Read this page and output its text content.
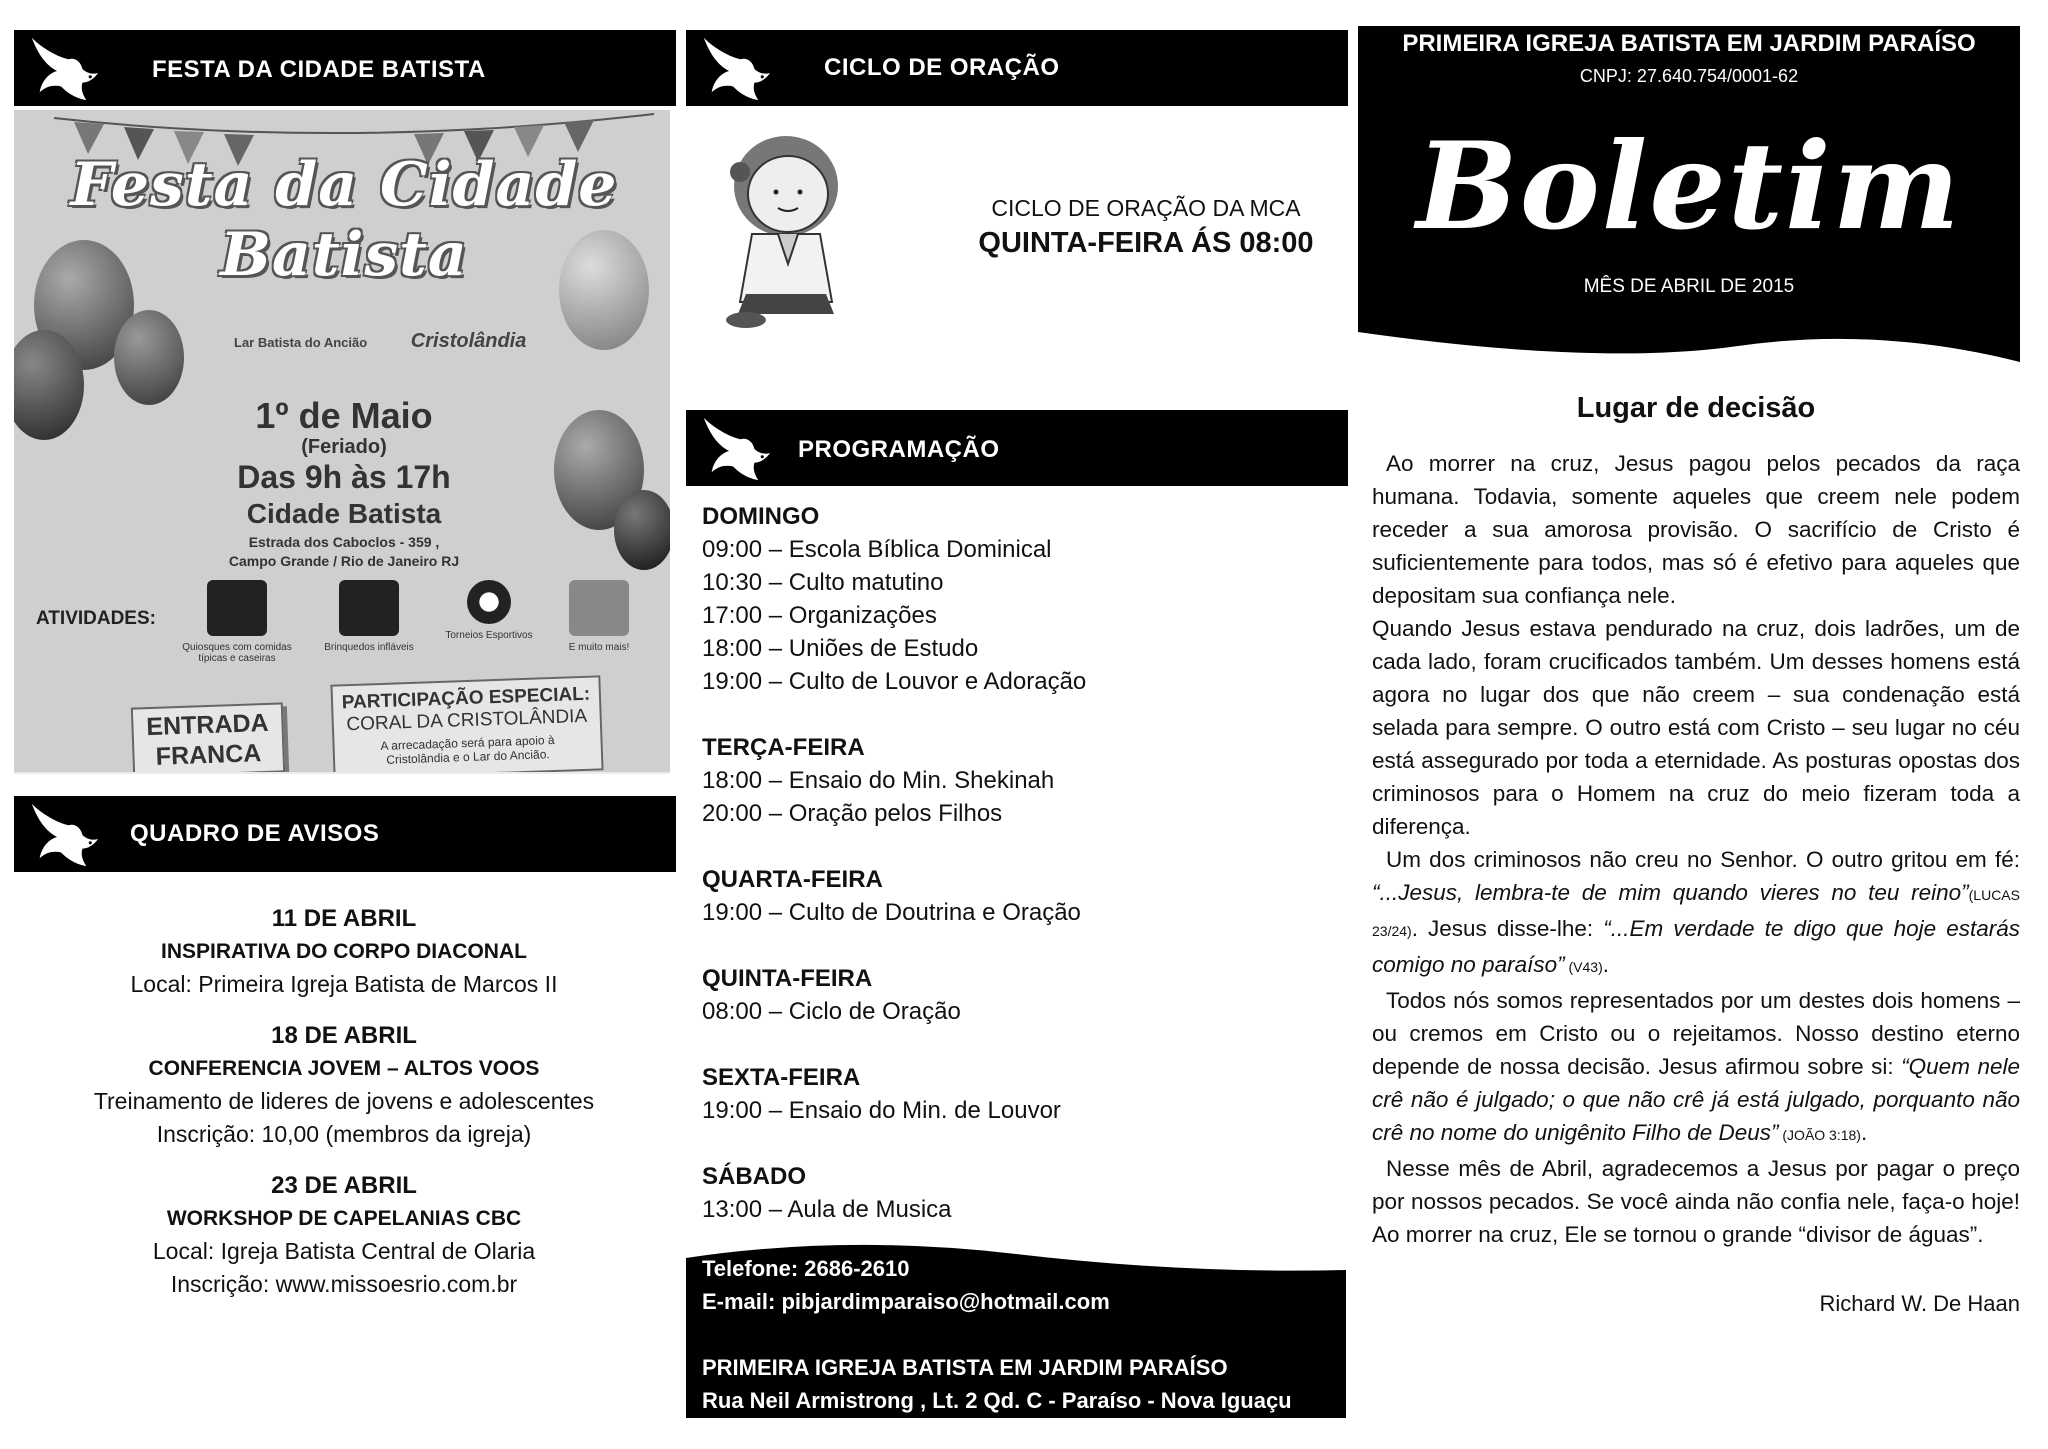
FESTA DA CIDADE BATISTA
Festa da Cidade Batista
Lar Batista do Ancião Cristolândia
1º de Maio
(Feriado)
Das 9h às 17h
Cidade Batista
Estrada dos Caboclos - 359 ,
Campo Grande / Rio de Janeiro RJ
ATIVIDADES:
Quiosques com comidas típicas e caseiras
Brinquedos infláveis
Torneios Esportivos
E muito mais!
ENTRADA FRANCA
PARTICIPAÇÃO ESPECIAL:
CORAL DA CRISTOLÂNDIA
A arrecadação será para apoio à Cristolândia e o Lar do Ancião.
QUADRO DE AVISOS
11 DE ABRIL
INSPIRATIVA DO CORPO DIACONAL
Local: Primeira Igreja Batista de Marcos II
18 DE ABRIL
CONFERENCIA JOVEM – ALTOS VOOS
Treinamento de lideres de jovens e adolescentes
Inscrição: 10,00 (membros da igreja)
23 DE ABRIL
WORKSHOP DE CAPELANIAS CBC
Local: Igreja Batista Central de Olaria
Inscrição: www.missoesrio.com.br
CICLO DE ORAÇÃO
CICLO DE ORAÇÃO DA MCA
QUINTA-FEIRA ÁS 08:00
PROGRAMAÇÃO
DOMINGO
09:00 – Escola Bíblica Dominical
10:30 – Culto matutino
17:00 – Organizações
18:00 – Uniões de Estudo
19:00 – Culto de Louvor e Adoração
TERÇA-FEIRA
18:00 – Ensaio do Min. Shekinah
20:00 – Oração pelos Filhos
QUARTA-FEIRA
19:00 – Culto de Doutrina e Oração
QUINTA-FEIRA
08:00 – Ciclo de Oração
SEXTA-FEIRA
19:00 – Ensaio do Min. de Louvor
SÁBADO
13:00 – Aula de Musica
Telefone: 2686-2610
E-mail: pibjardimparaiso@hotmail.com
PRIMEIRA IGREJA BATISTA EM JARDIM PARAÍSO
Rua Neil Armistrong , Lt. 2 Qd. C - Paraíso - Nova Iguaçu
PRIMEIRA IGREJA BATISTA EM JARDIM PARAÍSO
CNPJ: 27.640.754/0001-62
Boletim
MÊS DE ABRIL DE 2015
Lugar de decisão

Ao morrer na cruz, Jesus pagou pelos pecados da raça humana. Todavia, somente aqueles que creem nele podem receder a sua amorosa provisão. O sacrifício de Cristo é suficientemente para todos, mas só é efetivo para aqueles que depositam sua confiança nele.

Quando Jesus estava pendurado na cruz, dois ladrões, um de cada lado, foram crucificados também. Um desses homens está agora no lugar dos que não creem – sua condenação está selada para sempre. O outro está com Cristo – seu lugar no céu está assegurado por toda a eternidade. As posturas opostas dos criminosos para o Homem na cruz do meio fizeram toda a diferença.

Um dos criminosos não creu no Senhor. O outro gritou em fé: “...Jesus, lembra-te de mim quando vieres no teu reino”(LUCAS 23/24). Jesus disse-lhe: “...Em verdade te digo que hoje estarás comigo no paraíso” (V43).

Todos nós somos representados por um destes dois homens – ou cremos em Cristo ou o rejeitamos. Nosso destino eterno depende de nossa decisão. Jesus afirmou sobre si: “Quem nele crê não é julgado; o que não crê já está julgado, porquanto não crê no nome do unigênito Filho de Deus” (JOÃO 3:18).

Nesse mês de Abril, agradecemos a Jesus por pagar o preço por nossos pecados. Se você ainda não confia nele, faça-o hoje! Ao morrer na cruz, Ele se tornou o grande “divisor de águas”.

Richard W. De Haan
